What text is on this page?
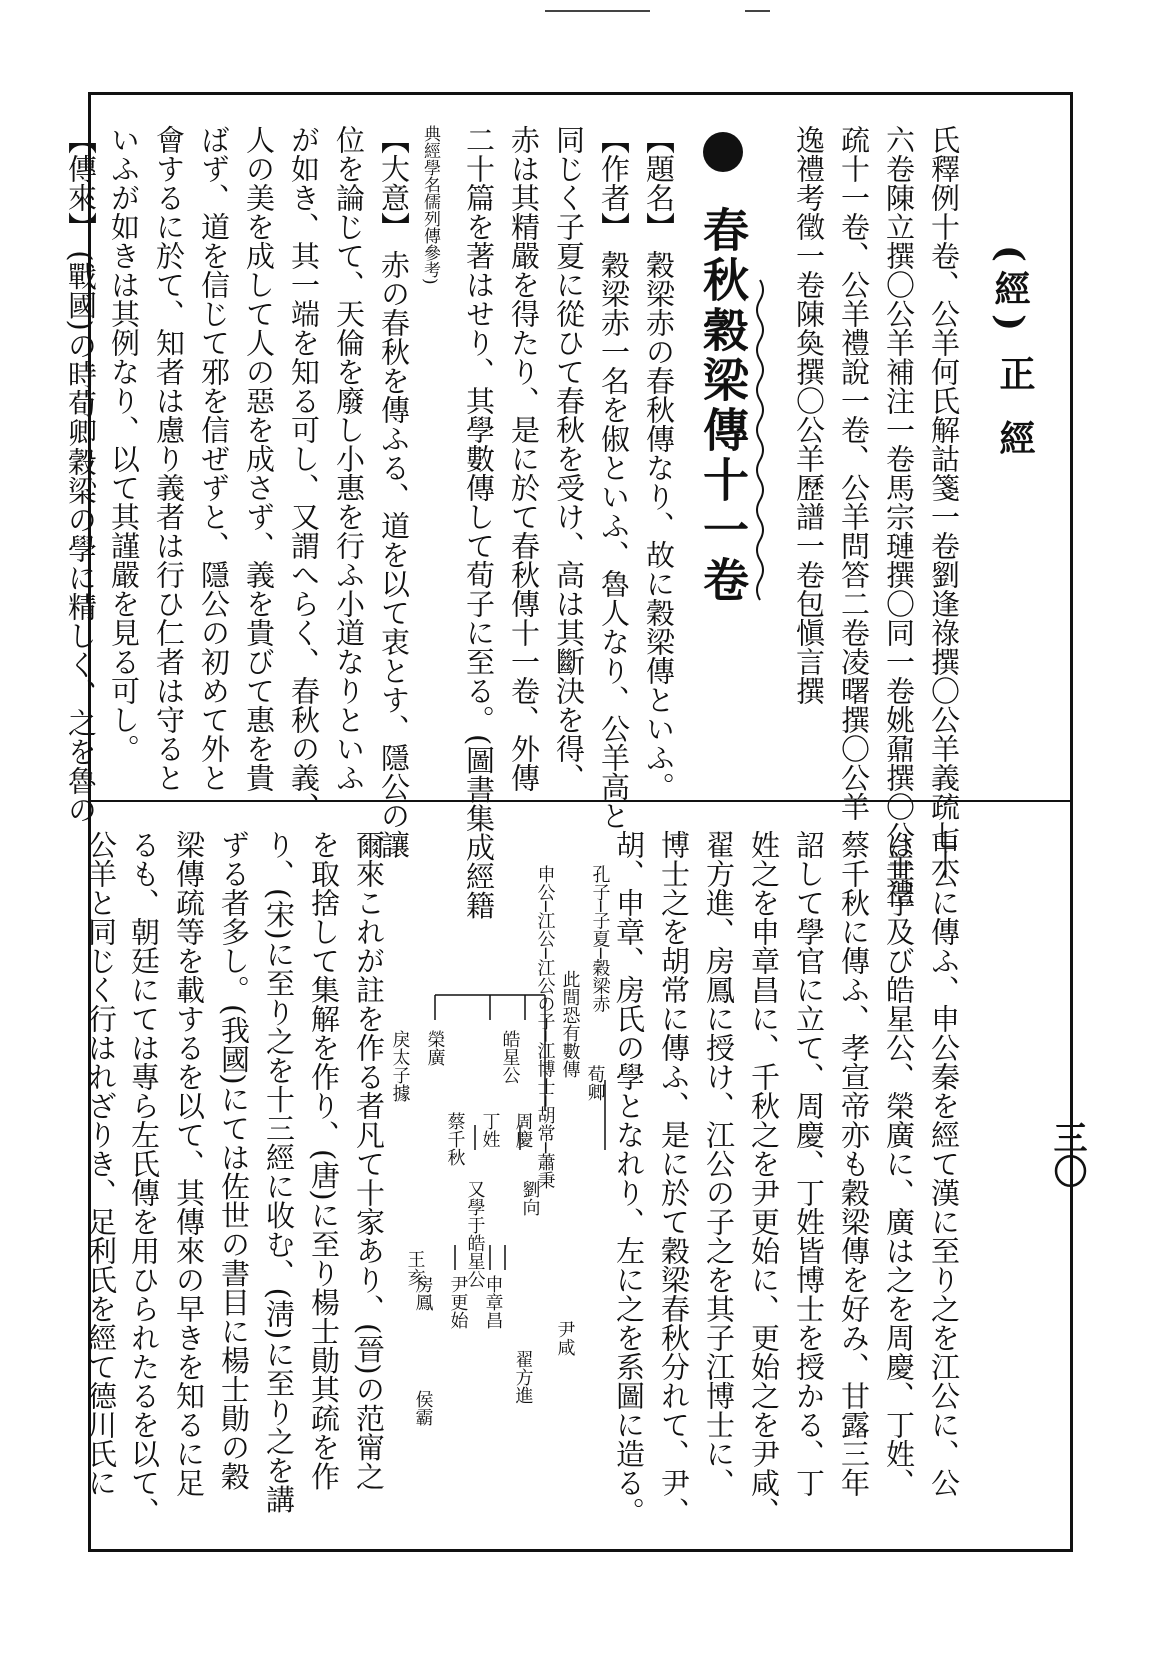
(經)
正 經
三〇
氏釋例十卷、公羊何氏解詁箋一卷劉逢祿撰〇公羊義疏七十
六卷陳立撰〇公羊補注一卷馬宗璉撰〇同一卷姚鼐撰〇公羊禮
疏十一卷、公羊禮說一卷、公羊問答二卷凌曙撰〇公羊
逸禮考徵一卷陳奐撰〇公羊歷譜一卷包愼言撰
春秋穀梁傳十一卷
【題名】 穀梁赤の春秋傳なり、故に穀梁傳といふ。
【作者】 穀梁赤一名を俶といふ、魯人なり、公羊高と
同じく子夏に從ひて春秋を受け、高は其斷決を得、
赤は其精嚴を得たり、是に於て春秋傳十一卷、外傳
二十篇を著はせり、其學數傳して荀子に至る。(圖書集成經籍
典經學名儒列傳參考)
【大意】 赤の春秋を傳ふる、道を以て衷とす、隱公の讓
位を論じて、天倫を廢し小惠を行ふ小道なりといふ
が如き、其一端を知る可し、又謂へらく、春秋の義、
人の美を成して人の惡を成さず、義を貴びて惠を貴
ばず、道を信じて邪を信ぜずと、隱公の初めて外と
會するに於て、知者は慮り義者は行ひ仁者は守ると
いふが如きは其例なり、以て其謹嚴を見る可し。
【傳來】 (戰國)の時荀卿穀梁の學に精しく、之を魯の
申公に傳ふ、申公秦を經て漢に至り之を江公に、公
は其子及び皓星公、榮廣に、廣は之を周慶、丁姓、
蔡千秋に傳ふ、孝宣帝亦も穀梁傳を好み、甘露三年
詔して學官に立て、周慶、丁姓皆博士を授かる、丁
姓之を申章昌に、千秋之を尹更始に、更始之を尹咸、
翟方進、房鳳に授け、江公の子之を其子江博士に、
博士之を胡常に傳ふ、是に於て穀梁春秋分れて、尹、
胡、申章、房氏の學となれり、左に之を系圖に造る。
孔子─子夏─穀梁赤
此間恐有數傳
荀卿
申公─江公─江公の子─江博士─胡常─蕭秉
劉向
皓星公
榮廣
周慶
丁姓
蔡千秋
又學于皓星公
申章昌
尹更始
房鳳
侯霸
翟方進
尹咸
王亥
戾太子據
爾來これが註を作る者凡て十家あり、(晉)の范甯之
を取捨して集解を作り、(唐)に至り楊士勛其疏を作
り、(宋)に至り之を十三經に收む、(淸)に至り之を講
ずる者多し。(我國)にては佐世の書目に楊士勛の穀
梁傳疏等を載するを以て、其傳來の早きを知るに足
るも、朝廷にては專ら左氏傳を用ひられたるを以て、
公羊と同じく行はれざりき、足利氏を經て德川氏に
